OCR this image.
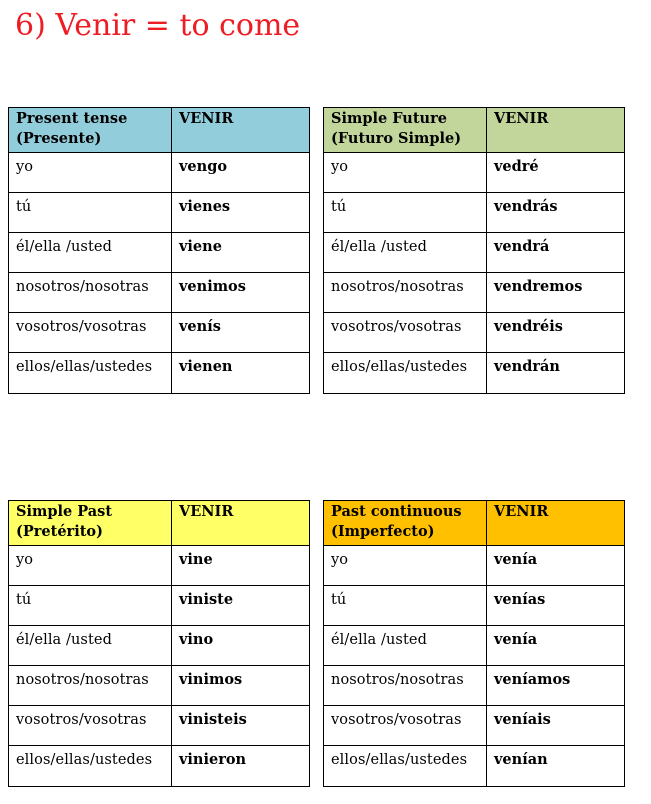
6) Venir = to come
Present tense
(Presente)	VENIR
yo	vengo
tú	vienes
él/ella /usted	viene
nosotros/nosotras	venimos
vosotros/vosotras	venís
ellos/ellas/ustedes	vienen
Simple Future
(Futuro Simple)	VENIR
yo	vedré
tú	vendrás
él/ella /usted	vendrá
nosotros/nosotras	vendremos
vosotros/vosotras	vendréis
ellos/ellas/ustedes	vendrán
Simple Past
(Pretérito)	VENIR
yo	vine
tú	viniste
él/ella /usted	vino
nosotros/nosotras	vinimos
vosotros/vosotras	vinisteis
ellos/ellas/ustedes	vinieron
Past continuous
(Imperfecto)	VENIR
yo	venía
tú	venías
él/ella /usted	venía
nosotros/nosotras	veníamos
vosotros/vosotras	veníais
ellos/ellas/ustedes	venían
